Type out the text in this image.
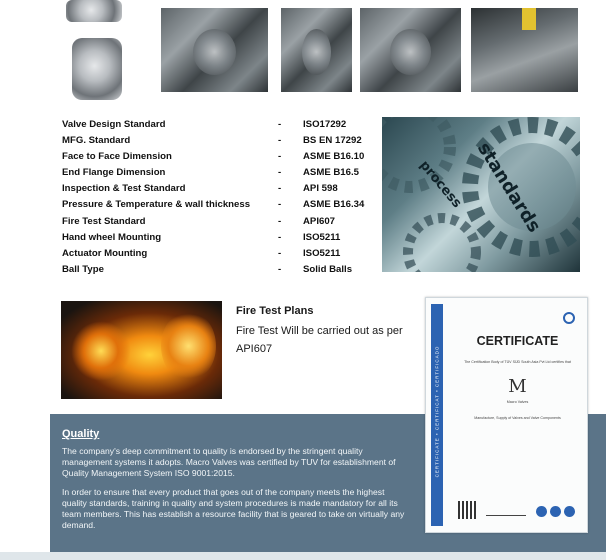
Valve Design Standard	- ISO17292
MFG. Standard	- BS EN 17292
Face to Face Dimension	- ASME B16.10
End Flange Dimension	- ASME B16.5
Inspection & Test Standard	- API 598
Pressure & Temperature & wall thickness	- ASME B16.34
Fire Test Standard	- API607
Hand wheel Mounting	- ISO5211
Actuator Mounting	- ISO5211
Ball Type	- Solid Balls
standards
process
Fire Test Plans
Fire Test Will be carried out as per API607
Quality
The company's deep commitment to quality is endorsed by the stringent quality management systems it adopts. Macro Valves was certified by TUV for establishment of Quality Management System ISO 9001:2015.
In order to ensure that every product that goes out of the company meets the highest quality standards, training in quality and system procedures is made mandatory for all its team members. This has establish a resource facility that is geared to take on virtually any demand.
CERTIFICATE • CERTIFICAT • CERTIFICADO
CERTIFICATE
The Certification Body of TÜV SÜD South Asia Pvt Ltd certifies that
M
Macro Valves
Manufacture, Supply of Valves and Valve Components
